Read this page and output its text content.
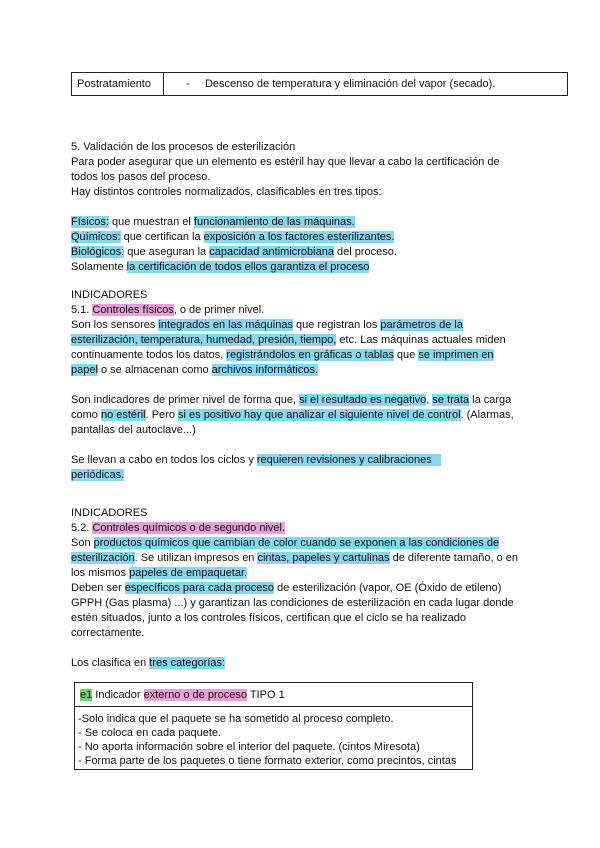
Postratamiento	- Descenso de temperatura y eliminación del vapor (secado).
5. Validación de los procesos de esterilización
Para poder asegurar que un elemento es estéril hay que llevar a cabo la certificación de
todos los pasos del proceso.
Hay distintos controles normalizados, clasificables en tres tipos:
Físicos: que muestran el funcionamiento de las máquinas.
Químicos: que certifican la exposición a los factores esterilizantes.
Biológicos: que aseguran la capacidad antimicrobiana del proceso.
Solamente la certificación de todos ellos garantiza el proceso
INDICADORES
5.1. Controles físicos, o de primer nivel.
Son los sensores integrados en las máquinas que registran los parámetros de la
esterilización, temperatura, humedad, presión, tiempo, etc. Las máquinas actuales miden
continuamente todos los datos, registrándolos en gráficas o tablas que se imprimen en
papel o se almacenan como archivos informáticos.
Son indicadores de primer nivel de forma que, si el resultado es negativo, se trata la carga
como no estéril. Pero si es positivo hay que analizar el siguiente nivel de control. (Alarmas,
pantallas del autoclave...)
Se llevan a cabo en todos los ciclos y requieren revisiones y calibraciones
periódicas.
INDICADORES
5.2. Controles químicos o de segundo nivel.
Son productos químicos que cambian de color cuando se exponen a las condiciones de
esterilización. Se utilizan impresos en cintas, papeles y cartulinas de diferente tamaño, o en
los mismos papeles de empaquetar.
Deben ser específicos para cada proceso de esterilización (vapor, OE (Óxido de etileno)
GPPH (Gas plasma) ...) y garantizan las condiciones de esterilización en cada lugar donde
estén situados, junto a los controles físicos, certifican que el ciclo se ha realizado
correctamente.
Los clasifica en tres categorías:
e1 Indicador externo o de proceso TIPO 1
-Solo indica que el paquete se ha sometido al proceso completo.
- Se coloca en cada paquete.
- No aporta información sobre el interior del paquete. (cintos Miresota)
- Forma parte de los paquetes o tiene formato exterior, como precintos, cintas
